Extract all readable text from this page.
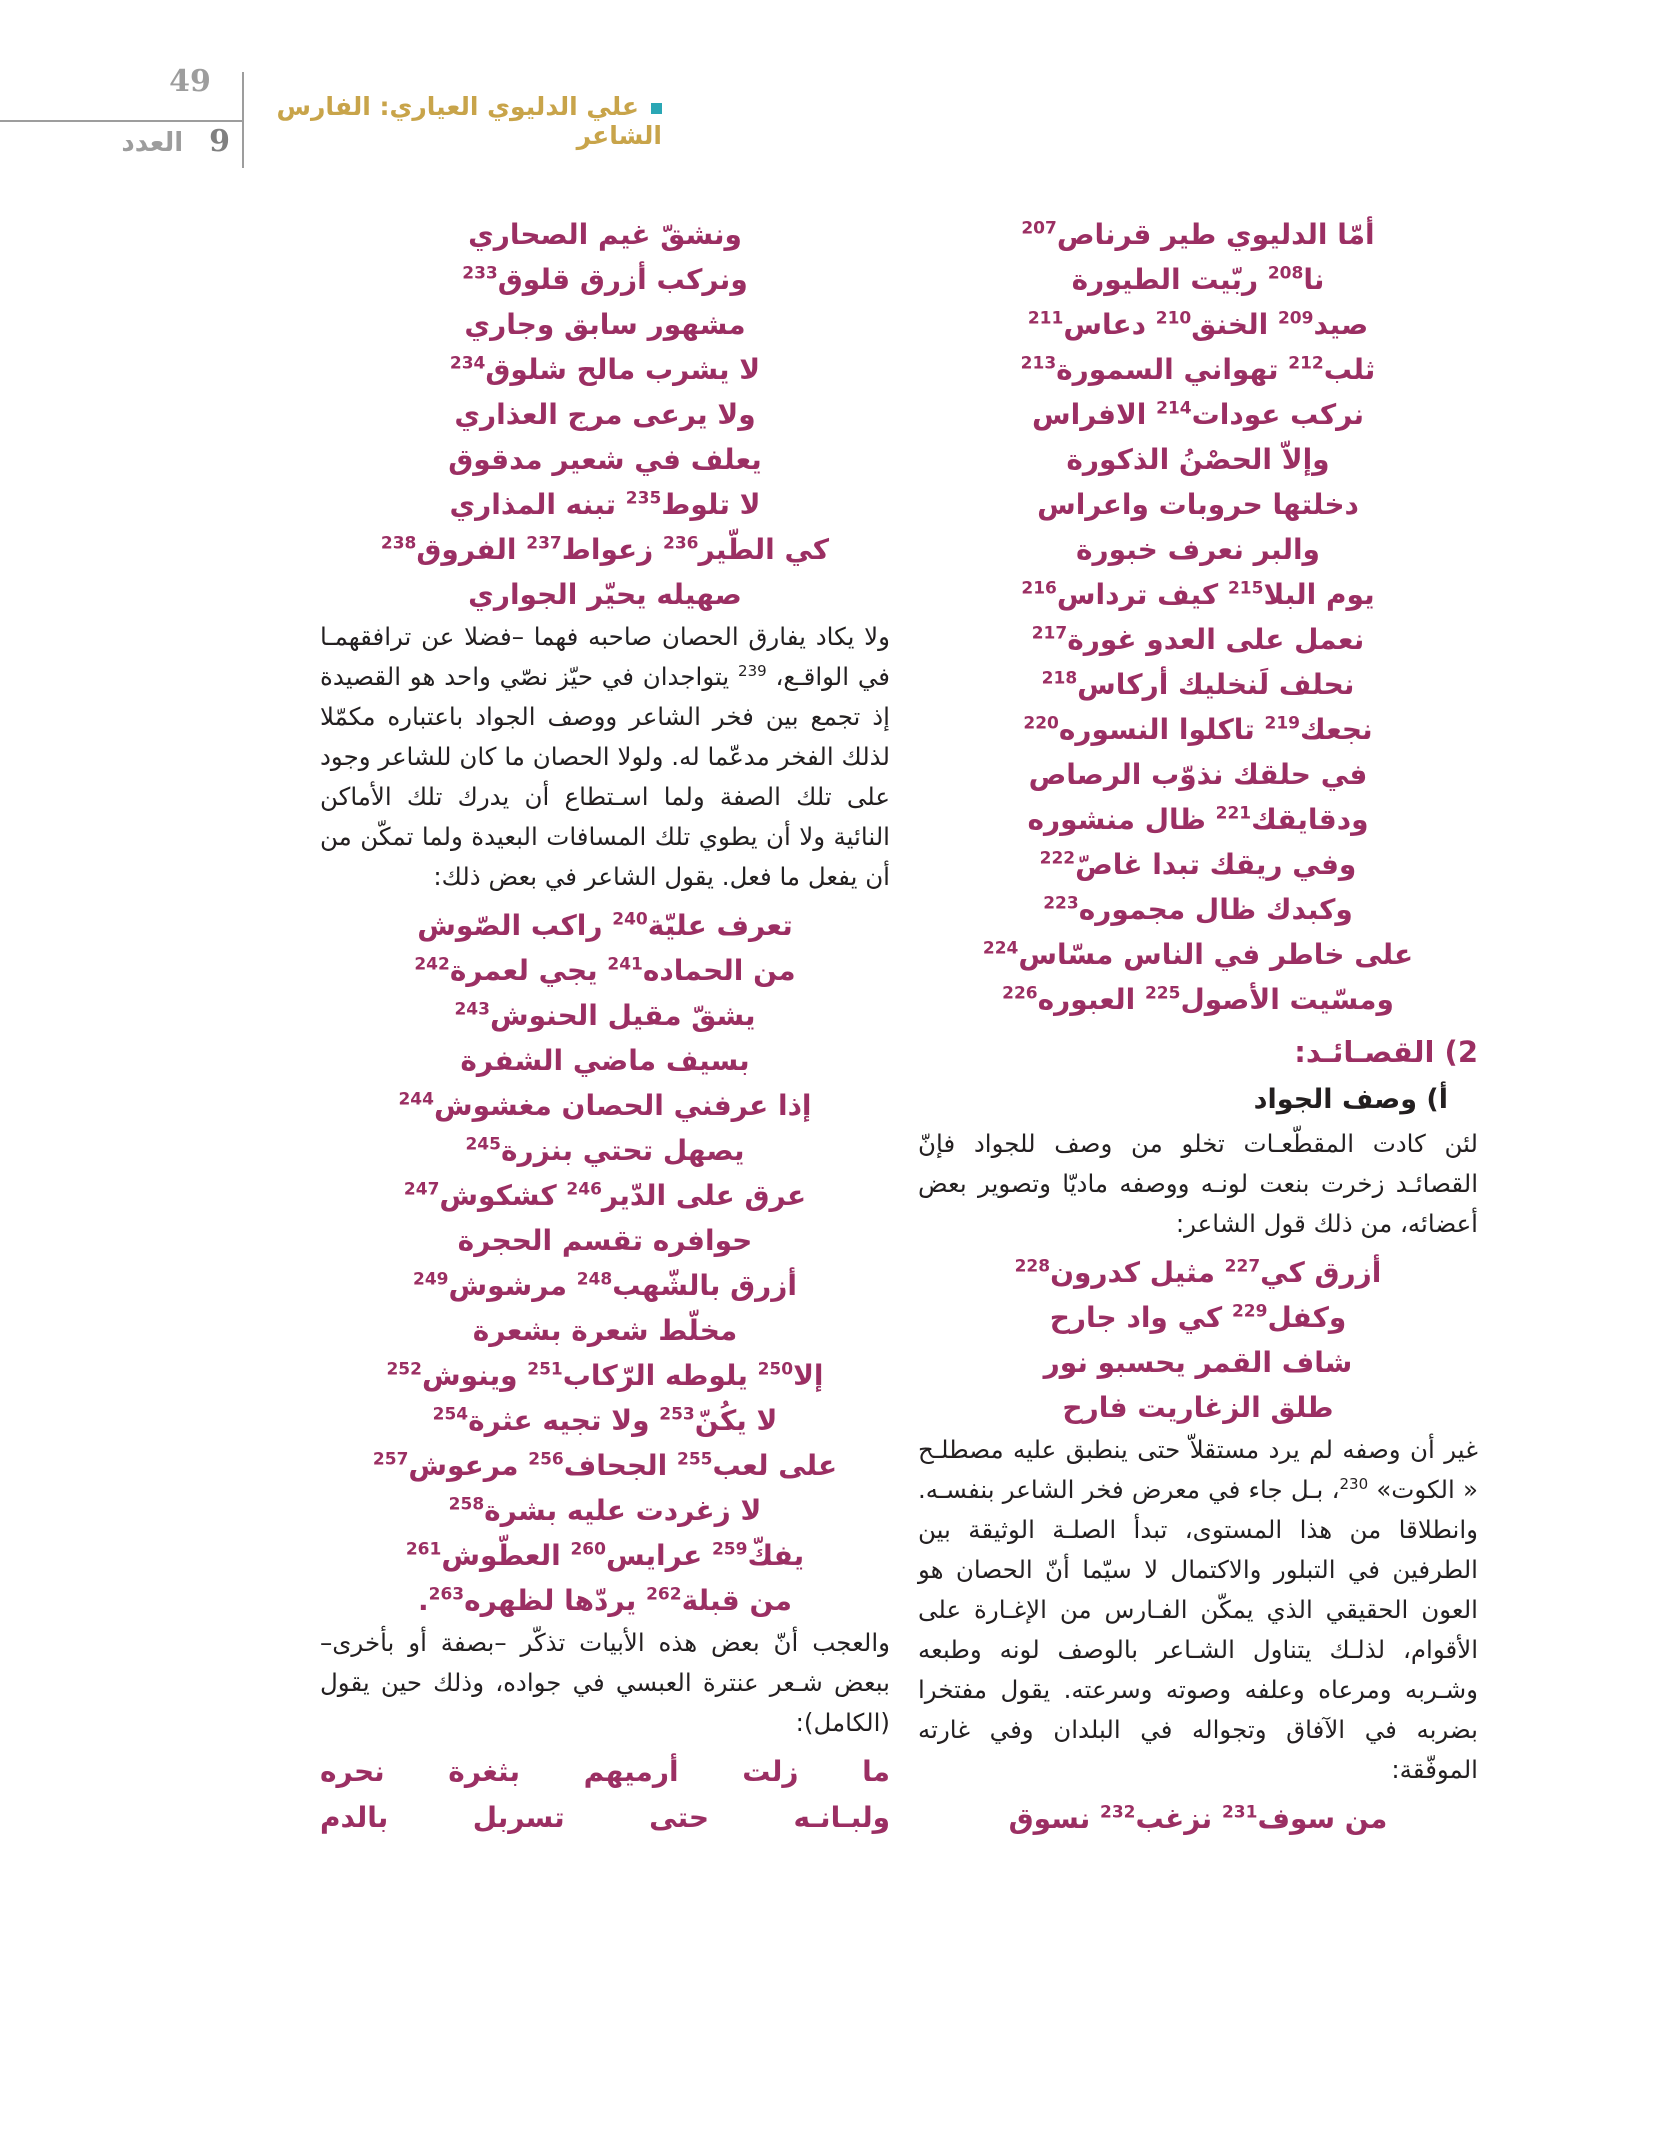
49
9العدد
علي الدليوي العياري: الفارس الشاعر
أمّا الدليوي طير قرناص$^{207}$
نا$^{208}$ ربّيت الطيورة
صيد$^{209}$ الخنق$^{210}$ دعاس$^{211}$
ثلب$^{212}$ تهواني السمورة$^{213}$
نركب عودات$^{214}$ الافراس
وإلاّ الحصْنُ الذكورة
دخلتها حروبات واعراس
والبر نعرف خبورة
يوم البلا$^{215}$ كيف ترداس$^{216}$
نعمل على العدو غورة$^{217}$
نحلف لَنخليك أركاس$^{218}$
نجعك$^{219}$ تاكلوا النسوره$^{220}$
في حلقك نذوّب الرصاص
ودقايقك$^{221}$ ظال منشوره
وفي ريقك تبدا غاصّ$^{222}$
وكبدك ظال مجموره$^{223}$
على خاطر في الناس مسّاس$^{224}$
ومسّيت الأصول$^{225}$ العبوره$^{226}$
2) القصـائـد:
أ) وصف الجواد
لئن كادت المقطّعـات تخلو من وصف للجواد فإنّ القصائـد زخرت بنعت لونـه ووصفه ماديّا وتصوير بعض أعضائه، من ذلك قول الشاعر:
أزرق كي$^{227}$ مثيل كدرون$^{228}$
وكفل$^{229}$ كي واد جارح
شاف القمر يحسبو نور
طلق الزغاريت فارح
غير أن وصفه لم يرد مستقلاّ حتى ينطبق عليه مصطلـح « الكوت» $^{230}$، بـل جاء في معرض فخر الشاعر بنفسـه. وانطلاقا من هذا المستوى، تبدأ الصلـة الوثيقة بين الطرفين في التبلور والاكتمال لا سيّما أنّ الحصان هو العون الحقيقي الذي يمكّن الفـارس من الإغـارة على الأقوام، لذلـك يتناول الشـاعر بالوصف لونه وطبعه وشـربه ومرعاه وعلفه وصوته وسرعته. يقول مفتخرا بضربه في الآفاق وتجواله في البلدان وفي غارته الموفّقة:
من سوف$^{231}$ نزغب$^{232}$ نسوق
ونشقّ غيم الصحاري
ونركب أزرق قلوق$^{233}$
مشهور سابق وجاري
لا يشرب مالح شلوق$^{234}$
ولا يرعى مرج العذاري
يعلف في شعير مدقوق
لا تلوط$^{235}$ تبنه المذاري
كي الطّير$^{236}$ زعواط$^{237}$ الفروق$^{238}$
صهيله يحيّر الجواري
ولا يكاد يفارق الحصان صاحبه فهما –فضلا عن ترافقهمـا في الواقـع، $^{239}$ يتواجدان في حيّز نصّي واحد هو القصيدة إذ تجمع بين فخر الشاعر ووصف الجواد باعتباره مكمّلا لذلك الفخر مدعّما له. ولولا الحصان ما كان للشاعر وجود على تلك الصفة ولما اسـتطاع أن يدرك تلك الأماكن النائية ولا أن يطوي تلك المسافات البعيدة ولما تمكّن من أن يفعل ما فعل. يقول الشاعر في بعض ذلك:
تعرف عليّة$^{240}$ راكب الصّوش
من الحماده$^{241}$ يجي لعمرة$^{242}$
يشقّ مقيل الحنوش$^{243}$
بسيف ماضي الشفرة
إذا عرفني الحصان مغشوش$^{244}$
يصهل تحتي بنزرة$^{245}$
عرق على الدّير$^{246}$ كشكوش$^{247}$
حوافره تقسم الحجرة
أزرق بالشّهب$^{248}$ مرشوش$^{249}$
مخلّط شعرة بشعرة
إلا$^{250}$ يلوطه الرّكاب$^{251}$ وينوش$^{252}$
لا يكُنّ$^{253}$ ولا تجيه عثرة$^{254}$
على لعب$^{255}$ الجحاف$^{256}$ مرعوش$^{257}$
لا زغردت عليه بشرة$^{258}$
يفكّ$^{259}$ عرايس$^{260}$ العطّوش$^{261}$
من قبلة$^{262}$ يردّها لظهره$^{263}$.
والعجب أنّ بعض هذه الأبيات تذكّر –بصفة أو بأخرى– ببعض شـعر عنترة العبسي في جواده، وذلك حين يقول (الكامل):
ما
زلت
أرميهم
بثغرة
نحره
ولبـانـه
حتى
تسربل
بالدم
